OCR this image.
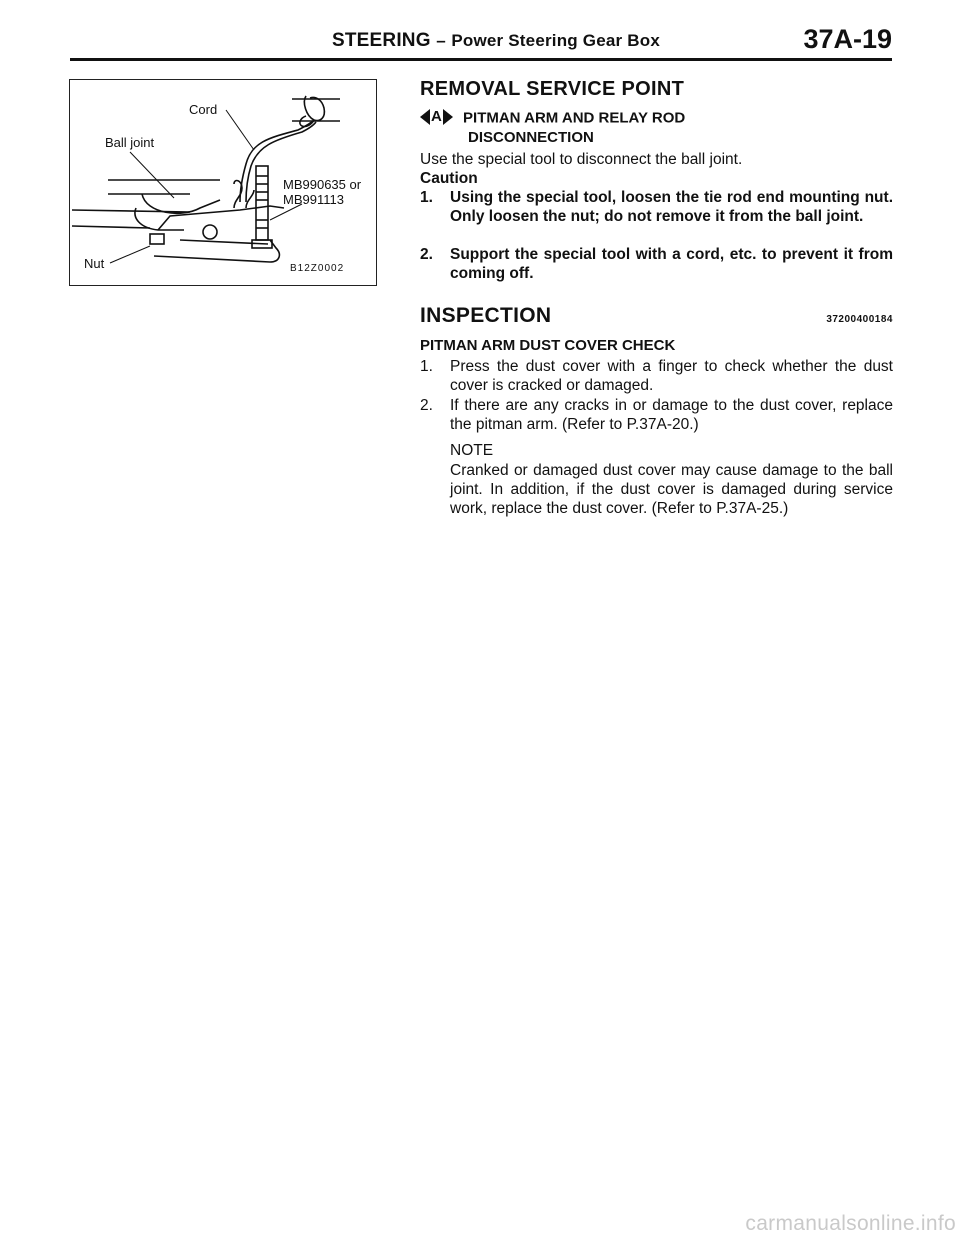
STEERING – Power Steering Gear Box	37A-19
Cord
Ball joint
MB990635 or
MB991113
Nut	B12Z0002
REMOVAL SERVICE POINT
A PITMAN ARM AND RELAY ROD
DISCONNECTION
Use the special tool to disconnect the ball joint.
Caution
1.	Using the special tool, loosen the tie rod end mounting nut. Only loosen the nut; do not remove it from the ball joint.
2.	Support the special tool with a cord, etc. to prevent it from coming off.
INSPECTION	37200400184
PITMAN ARM DUST COVER CHECK
1.	Press the dust cover with a finger to check whether the dust cover is cracked or damaged.
2.	If there are any cracks in or damage to the dust cover, replace the pitman arm. (Refer to P.37A-20.)
NOTE
Cranked or damaged dust cover may cause damage to the ball joint. In addition, if the dust cover is damaged during service work, replace the dust cover. (Refer to P.37A-25.)
carmanualsonline.info
